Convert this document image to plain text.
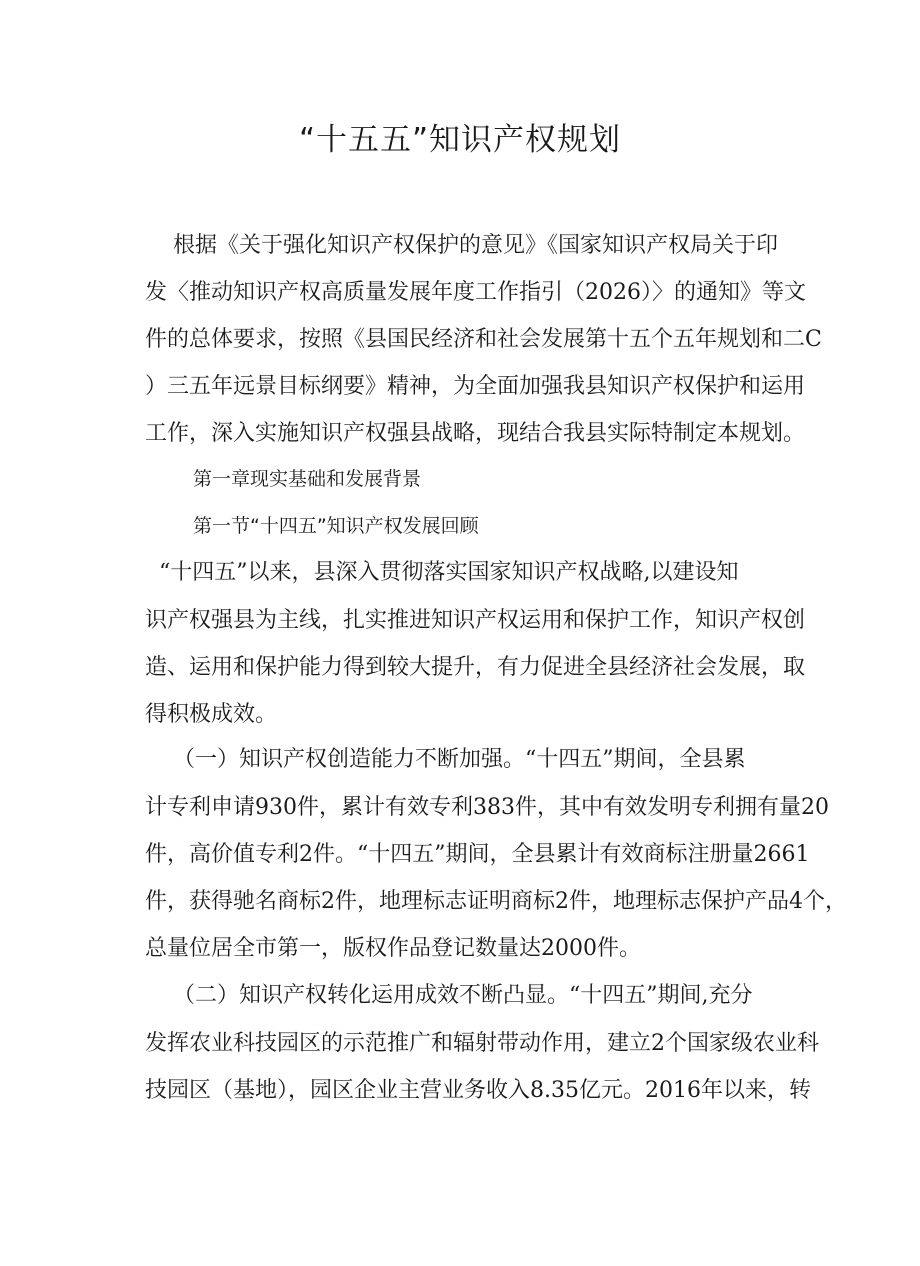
“十五五”知识产权规划
根据《关于强化知识产权保护的意见》《国家知识产权局关于印
发〈推动知识产权高质量发展年度工作指引（2026）〉的通知》等文
件的总体要求，按照《县国民经济和社会发展第十五个五年规划和二C
）三五年远景目标纲要》精神，为全面加强我县知识产权保护和运用
工作，深入实施知识产权强县战略，现结合我县实际特制定本规划。
第一章现实基础和发展背景
第一节“十四五”知识产权发展回顾
“十四五”以来，县深入贯彻落实国家知识产权战略,以建设知
识产权强县为主线，扎实推进知识产权运用和保护工作，知识产权创
造、运用和保护能力得到较大提升，有力促进全县经济社会发展，取
得积极成效。
（一）知识产权创造能力不断加强。“十四五”期间，全县累
计专利申请930件，累计有效专利383件，其中有效发明专利拥有量20
件，高价值专利2件。“十四五”期间，全县累计有效商标注册量2661
件，获得驰名商标2件，地理标志证明商标2件，地理标志保护产品4个，
总量位居全市第一，版权作品登记数量达2000件。
（二）知识产权转化运用成效不断凸显。“十四五”期间,充分
发挥农业科技园区的示范推广和辐射带动作用，建立2个国家级农业科
技园区（基地），园区企业主营业务收入8.35亿元。2016年以来，转
